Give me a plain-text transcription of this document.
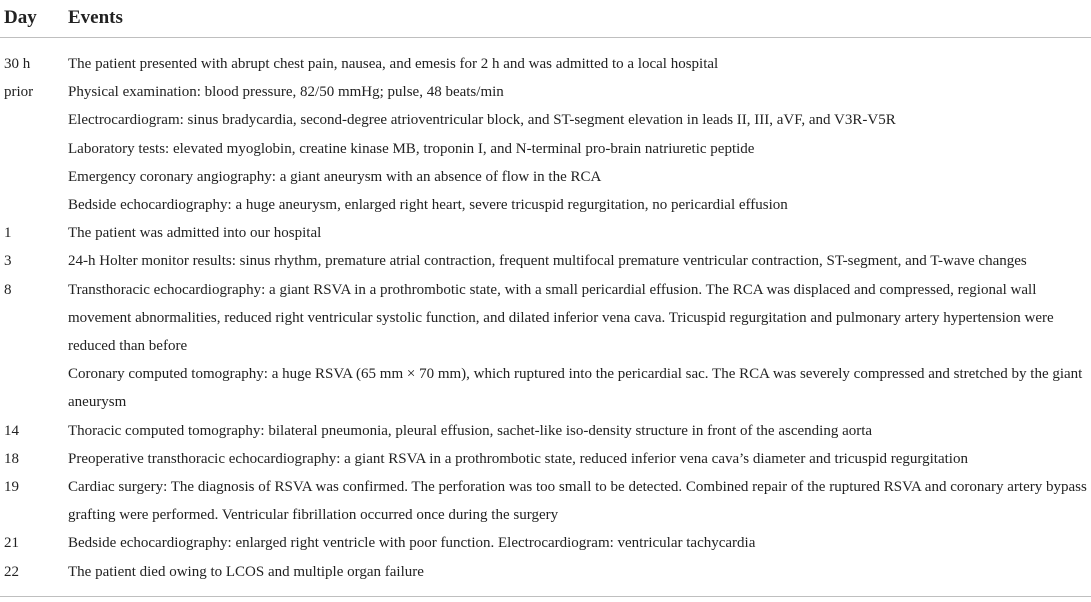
Day	Events
30 h	The patient presented with abrupt chest pain, nausea, and emesis for 2 h and was admitted to a local hospital
prior	Physical examination: blood pressure, 82/50 mmHg; pulse, 48 beats/min
Electrocardiogram: sinus bradycardia, second-degree atrioventricular block, and ST-segment elevation in leads II, III, aVF, and V3R-V5R
Laboratory tests: elevated myoglobin, creatine kinase MB, troponin I, and N-terminal pro-brain natriuretic peptide
Emergency coronary angiography: a giant aneurysm with an absence of flow in the RCA
Bedside echocardiography: a huge aneurysm, enlarged right heart, severe tricuspid regurgitation, no pericardial effusion
1	The patient was admitted into our hospital
3	24-h Holter monitor results: sinus rhythm, premature atrial contraction, frequent multifocal premature ventricular contraction, ST-segment, and T-wave changes
8	Transthoracic echocardiography: a giant RSVA in a prothrombotic state, with a small pericardial effusion. The RCA was displaced and compressed, regional wall movement abnormalities, reduced right ventricular systolic function, and dilated inferior vena cava. Tricuspid regurgitation and pulmonary artery hypertension were reduced than before
Coronary computed tomography: a huge RSVA (65 mm × 70 mm), which ruptured into the pericardial sac. The RCA was severely compressed and stretched by the giant aneurysm
14	Thoracic computed tomography: bilateral pneumonia, pleural effusion, sachet-like iso-density structure in front of the ascending aorta
18	Preoperative transthoracic echocardiography: a giant RSVA in a prothrombotic state, reduced inferior vena cava’s diameter and tricuspid regurgitation
19	Cardiac surgery: The diagnosis of RSVA was confirmed. The perforation was too small to be detected. Combined repair of the ruptured RSVA and coronary artery bypass grafting were performed. Ventricular fibrillation occurred once during the surgery
21	Bedside echocardiography: enlarged right ventricle with poor function. Electrocardiogram: ventricular tachycardia
22	The patient died owing to LCOS and multiple organ failure
